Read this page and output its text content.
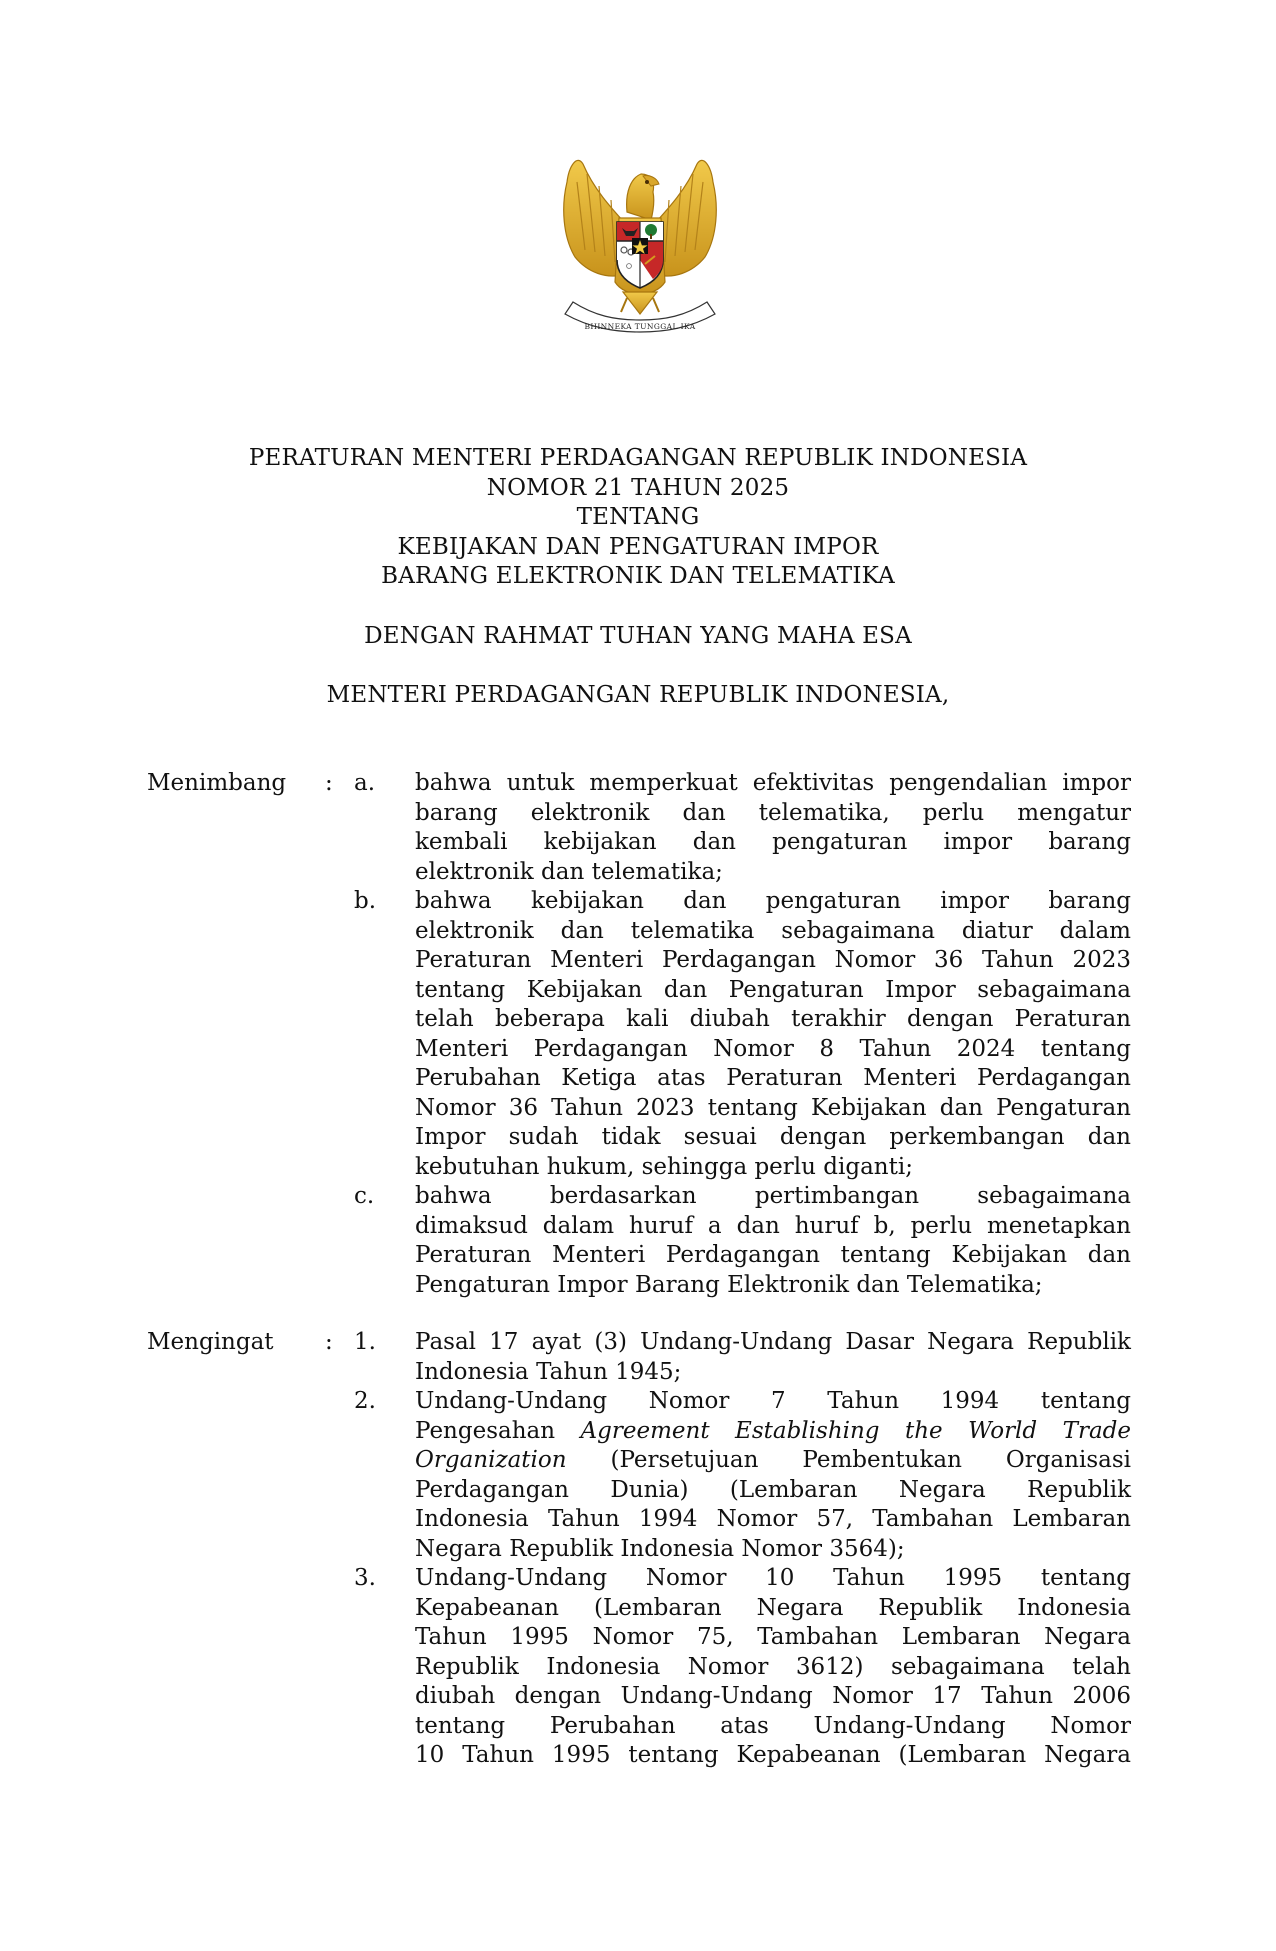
BHINNEKA TUNGGAL IKA
PERATURAN MENTERI PERDAGANGAN REPUBLIK INDONESIA
NOMOR 21 TAHUN 2025
TENTANG
KEBIJAKAN DAN PENGATURAN IMPOR
BARANG ELEKTRONIK DAN TELEMATIKA
DENGAN RAHMAT TUHAN YANG MAHA ESA
MENTERI PERDAGANGAN REPUBLIK INDONESIA,
Menimbang : a. bahwa untuk memperkuat efektivitas pengendalian impor
barang elektronik dan telematika, perlu mengatur
kembali kebijakan dan pengaturan impor barang
elektronik dan telematika;
b. bahwa kebijakan dan pengaturan impor barang
elektronik dan telematika sebagaimana diatur dalam
Peraturan Menteri Perdagangan Nomor 36 Tahun 2023
tentang Kebijakan dan Pengaturan Impor sebagaimana
telah beberapa kali diubah terakhir dengan Peraturan
Menteri Perdagangan Nomor 8 Tahun 2024 tentang
Perubahan Ketiga atas Peraturan Menteri Perdagangan
Nomor 36 Tahun 2023 tentang Kebijakan dan Pengaturan
Impor sudah tidak sesuai dengan perkembangan dan
kebutuhan hukum, sehingga perlu diganti;
c. bahwa berdasarkan pertimbangan sebagaimana
dimaksud dalam huruf a dan huruf b, perlu menetapkan
Peraturan Menteri Perdagangan tentang Kebijakan dan
Pengaturan Impor Barang Elektronik dan Telematika;
Mengingat : 1. Pasal 17 ayat (3) Undang-Undang Dasar Negara Republik
Indonesia Tahun 1945;
2. Undang-Undang Nomor 7 Tahun 1994 tentang
Pengesahan Agreement Establishing the World Trade
Organization (Persetujuan Pembentukan Organisasi
Perdagangan Dunia) (Lembaran Negara Republik
Indonesia Tahun 1994 Nomor 57, Tambahan Lembaran
Negara Republik Indonesia Nomor 3564);
3. Undang-Undang Nomor 10 Tahun 1995 tentang
Kepabeanan (Lembaran Negara Republik Indonesia
Tahun 1995 Nomor 75, Tambahan Lembaran Negara
Republik Indonesia Nomor 3612) sebagaimana telah
diubah dengan Undang-Undang Nomor 17 Tahun 2006
tentang Perubahan atas Undang-Undang Nomor
10 Tahun 1995 tentang Kepabeanan (Lembaran Negara
